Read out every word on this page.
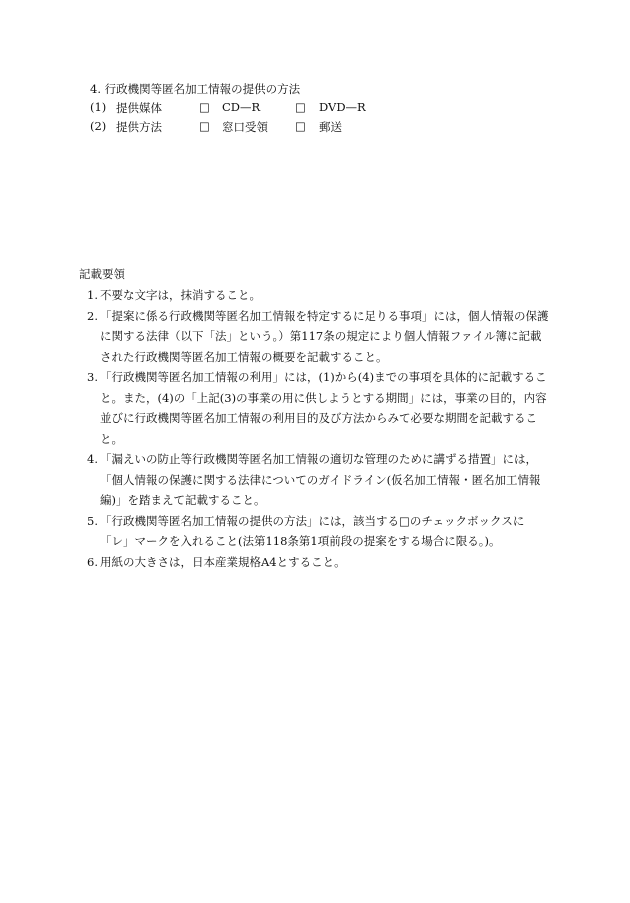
4. 行政機関等匿名加工情報の提供の方法
(1) 提供媒体	□ CD—R	□ DVD—R
(2) 提供方法	□ 窓口受領 □ 郵送
記載要領
1. 不要な文字は，抹消すること。
2. 「提案に係る行政機関等匿名加工情報を特定するに足りる事項」には，個人情報の保護に関する法律（以下「法」という。）第117条の規定により個人情報ファイル簿に記載された行政機関等匿名加工情報の概要を記載すること。
3. 「行政機関等匿名加工情報の利用」には，(1)から(4)までの事項を具体的に記載すること。また，(4)の「上記(3)の事業の用に供しようとする期間」には，事業の目的，内容並びに行政機関等匿名加工情報の利用目的及び方法からみて必要な期間を記載すること。
4. 「漏えいの防止等行政機関等匿名加工情報の適切な管理のために講ずる措置」には，「個人情報の保護に関する法律についてのガイドライン(仮名加工情報・匿名加工情報編)」を踏まえて記載すること。
5. 「行政機関等匿名加工情報の提供の方法」には，該当する□のチェックボックスに「レ」マークを入れること(法第118条第1項前段の提案をする場合に限る。)。
6. 用紙の大きさは，日本産業規格A4とすること。
